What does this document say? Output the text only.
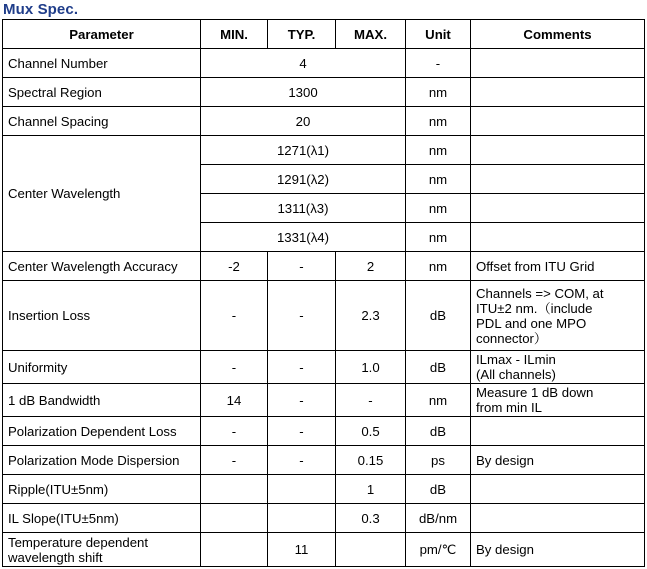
Mux Spec.
Parameter	MIN.	TYP.	MAX.	Unit	Comments
Channel Number	4			-	
Spectral Region	1300			nm	
Channel Spacing	20			nm	
Center Wavelength	1271(λ1)			nm	
	1291(λ2)			nm	
	1311(λ3)			nm	
	1331(λ4)			nm	
Center Wavelength Accuracy	-2	-	2	nm	Offset from ITU Grid
Insertion Loss	-	-	2.3	dB	Channels => COM, at
ITU±2 nm.（include
PDL and one MPO
connector）

Uniformity	-	-	1.0	dB	ILmax - ILmin
(All channels)

1 dB Bandwidth	14	-	-	nm	Measure 1 dB down
from min IL

Polarization Dependent Loss	-	-	0.5	dB	
Polarization Mode Dispersion	-	-	0.15	ps	By design
Ripple(ITU±5nm)			1	dB	
IL Slope(ITU±5nm)			0.3	dB/nm	

Temperature dependent
wavelength shift		11		pm/℃	By design
